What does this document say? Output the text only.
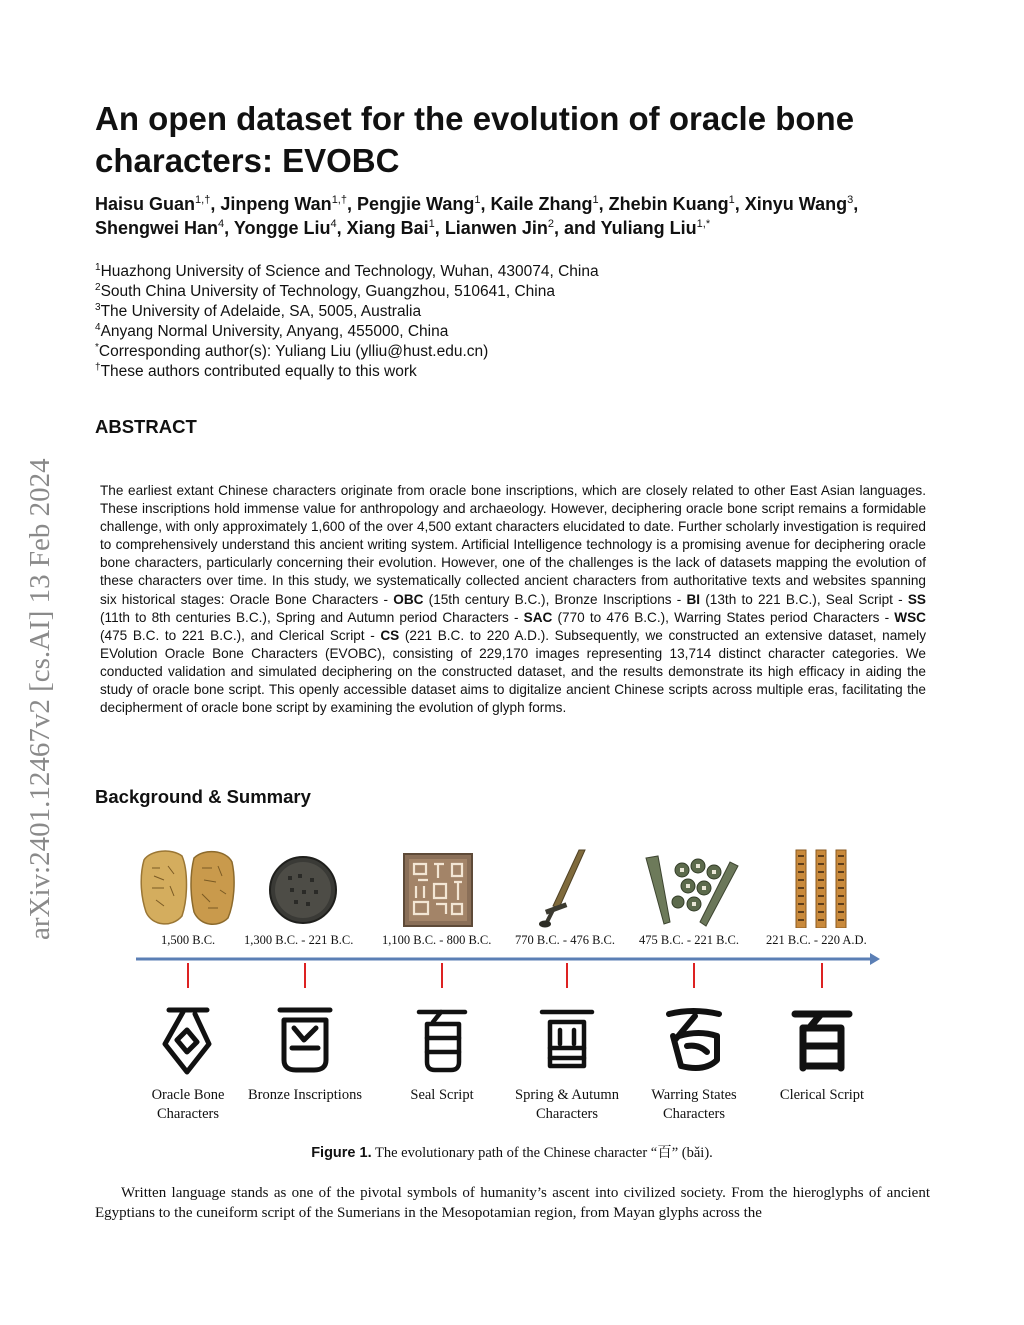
arXiv:2401.12467v2 [cs.AI] 13 Feb 2024
An open dataset for the evolution of oracle bone characters: EVOBC
Haisu Guan$^{1,\dagger}$, Jinpeng Wan$^{1,\dagger}$, Pengjie Wang$^1$, Kaile Zhang$^1$, Zhebin Kuang$^1$, Xinyu Wang$^3$, Shengwei Han$^4$, Yongge Liu$^4$, Xiang Bai$^1$, Lianwen Jin$^2$, and Yuliang Liu$^{1,*}$
$^1$Huazhong University of Science and Technology, Wuhan, 430074, China
$^2$South China University of Technology, Guangzhou, 510641, China
$^3$The University of Adelaide, SA, 5005, Australia
$^4$Anyang Normal University, Anyang, 455000, China
*Corresponding author(s): Yuliang Liu (ylliu@hust.edu.cn)
†These authors contributed equally to this work
ABSTRACT
The earliest extant Chinese characters originate from oracle bone inscriptions, which are closely related to other East Asian languages. These inscriptions hold immense value for anthropology and archaeology. However, deciphering oracle bone script remains a formidable challenge, with only approximately 1,600 of the over 4,500 extant characters elucidated to date. Further scholarly investigation is required to comprehensively understand this ancient writing system. Artificial Intelligence technology is a promising avenue for deciphering oracle bone characters, particularly concerning their evolution. However, one of the challenges is the lack of datasets mapping the evolution of these characters over time. In this study, we systematically collected ancient characters from authoritative texts and websites spanning six historical stages: Oracle Bone Characters - OBC (15th century B.C.), Bronze Inscriptions - BI (13th to 221 B.C.), Seal Script - SS (11th to 8th centuries B.C.), Spring and Autumn period Characters - SAC (770 to 476 B.C.), Warring States period Characters - WSC (475 B.C. to 221 B.C.), and Clerical Script - CS (221 B.C. to 220 A.D.). Subsequently, we constructed an extensive dataset, namely EVolution Oracle Bone Characters (EVOBC), consisting of 229,170 images representing 13,714 distinct character categories. We conducted validation and simulated deciphering on the constructed dataset, and the results demonstrate its high efficacy in aiding the study of oracle bone script. This openly accessible dataset aims to digitalize ancient Chinese scripts across multiple eras, facilitating the decipherment of oracle bone script by examining the evolution of glyph forms.
Background & Summary
1,500 B.C. 1,300 B.C. - 221 B.C. 1,100 B.C. - 800 B.C. 770 B.C. - 476 B.C. 475 B.C. - 221 B.C. 221 B.C. - 220 A.D.
Oracle Bone
Characters
Bronze Inscriptions	Seal Script	Spring & Autumn
Characters
Warring States
Characters
Clerical Script
Figure 1. The evolutionary path of the Chinese character “百” (bǎi).
Written language stands as one of the pivotal symbols of humanity’s ascent into civilized society. From the hieroglyphs of ancient Egyptians to the cuneiform script of the Sumerians in the Mesopotamian region, from Mayan glyphs across the
